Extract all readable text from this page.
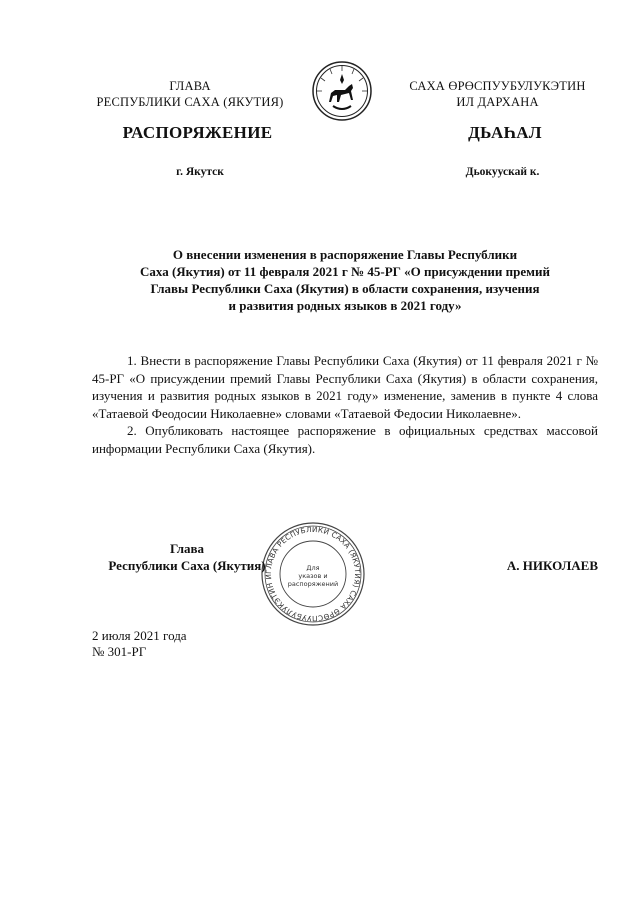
ГЛАВА
РЕСПУБЛИКИ САХА (ЯКУТИЯ)
САХА ӨРӨСПУУБУЛУКЭТИН
ИЛ ДАРХАНА
РАСПОРЯЖЕНИЕ	ДЬАҺАЛ
г. Якутск	Дьокуускай к.
О внесении изменения в распоряжение Главы Республики
Саха (Якутия) от 11 февраля 2021 г № 45-РГ «О присуждении премий
Главы Республики Саха (Якутия) в области сохранения, изучения
и развития родных языков в 2021 году»

1. Внести в распоряжение Главы Республики Саха (Якутия) от 11 февраля 2021 г № 45-РГ «О присуждении премий Главы Республики Саха (Якутия) в области сохранения, изучения и развития родных языков в 2021 году» изменение, заменив в пункте 4 слова «Татаевой Феодосии Николаевне» словами «Татаевой Федосии Николаевне».

2. Опубликовать настоящее распоряжение в официальных средствах массовой информации Республики Саха (Якутия).

ГЛАВА РЕСПУБЛИКИ САХА (ЯКУТИЯ) САХА ӨРӨСПУУБУЛУКЭТИН И
Для
указов и
распоряжений
Глава
Республики Саха (Якутия)	А. НИКОЛАЕВ
2 июля 2021 года
№ 301-РГ
